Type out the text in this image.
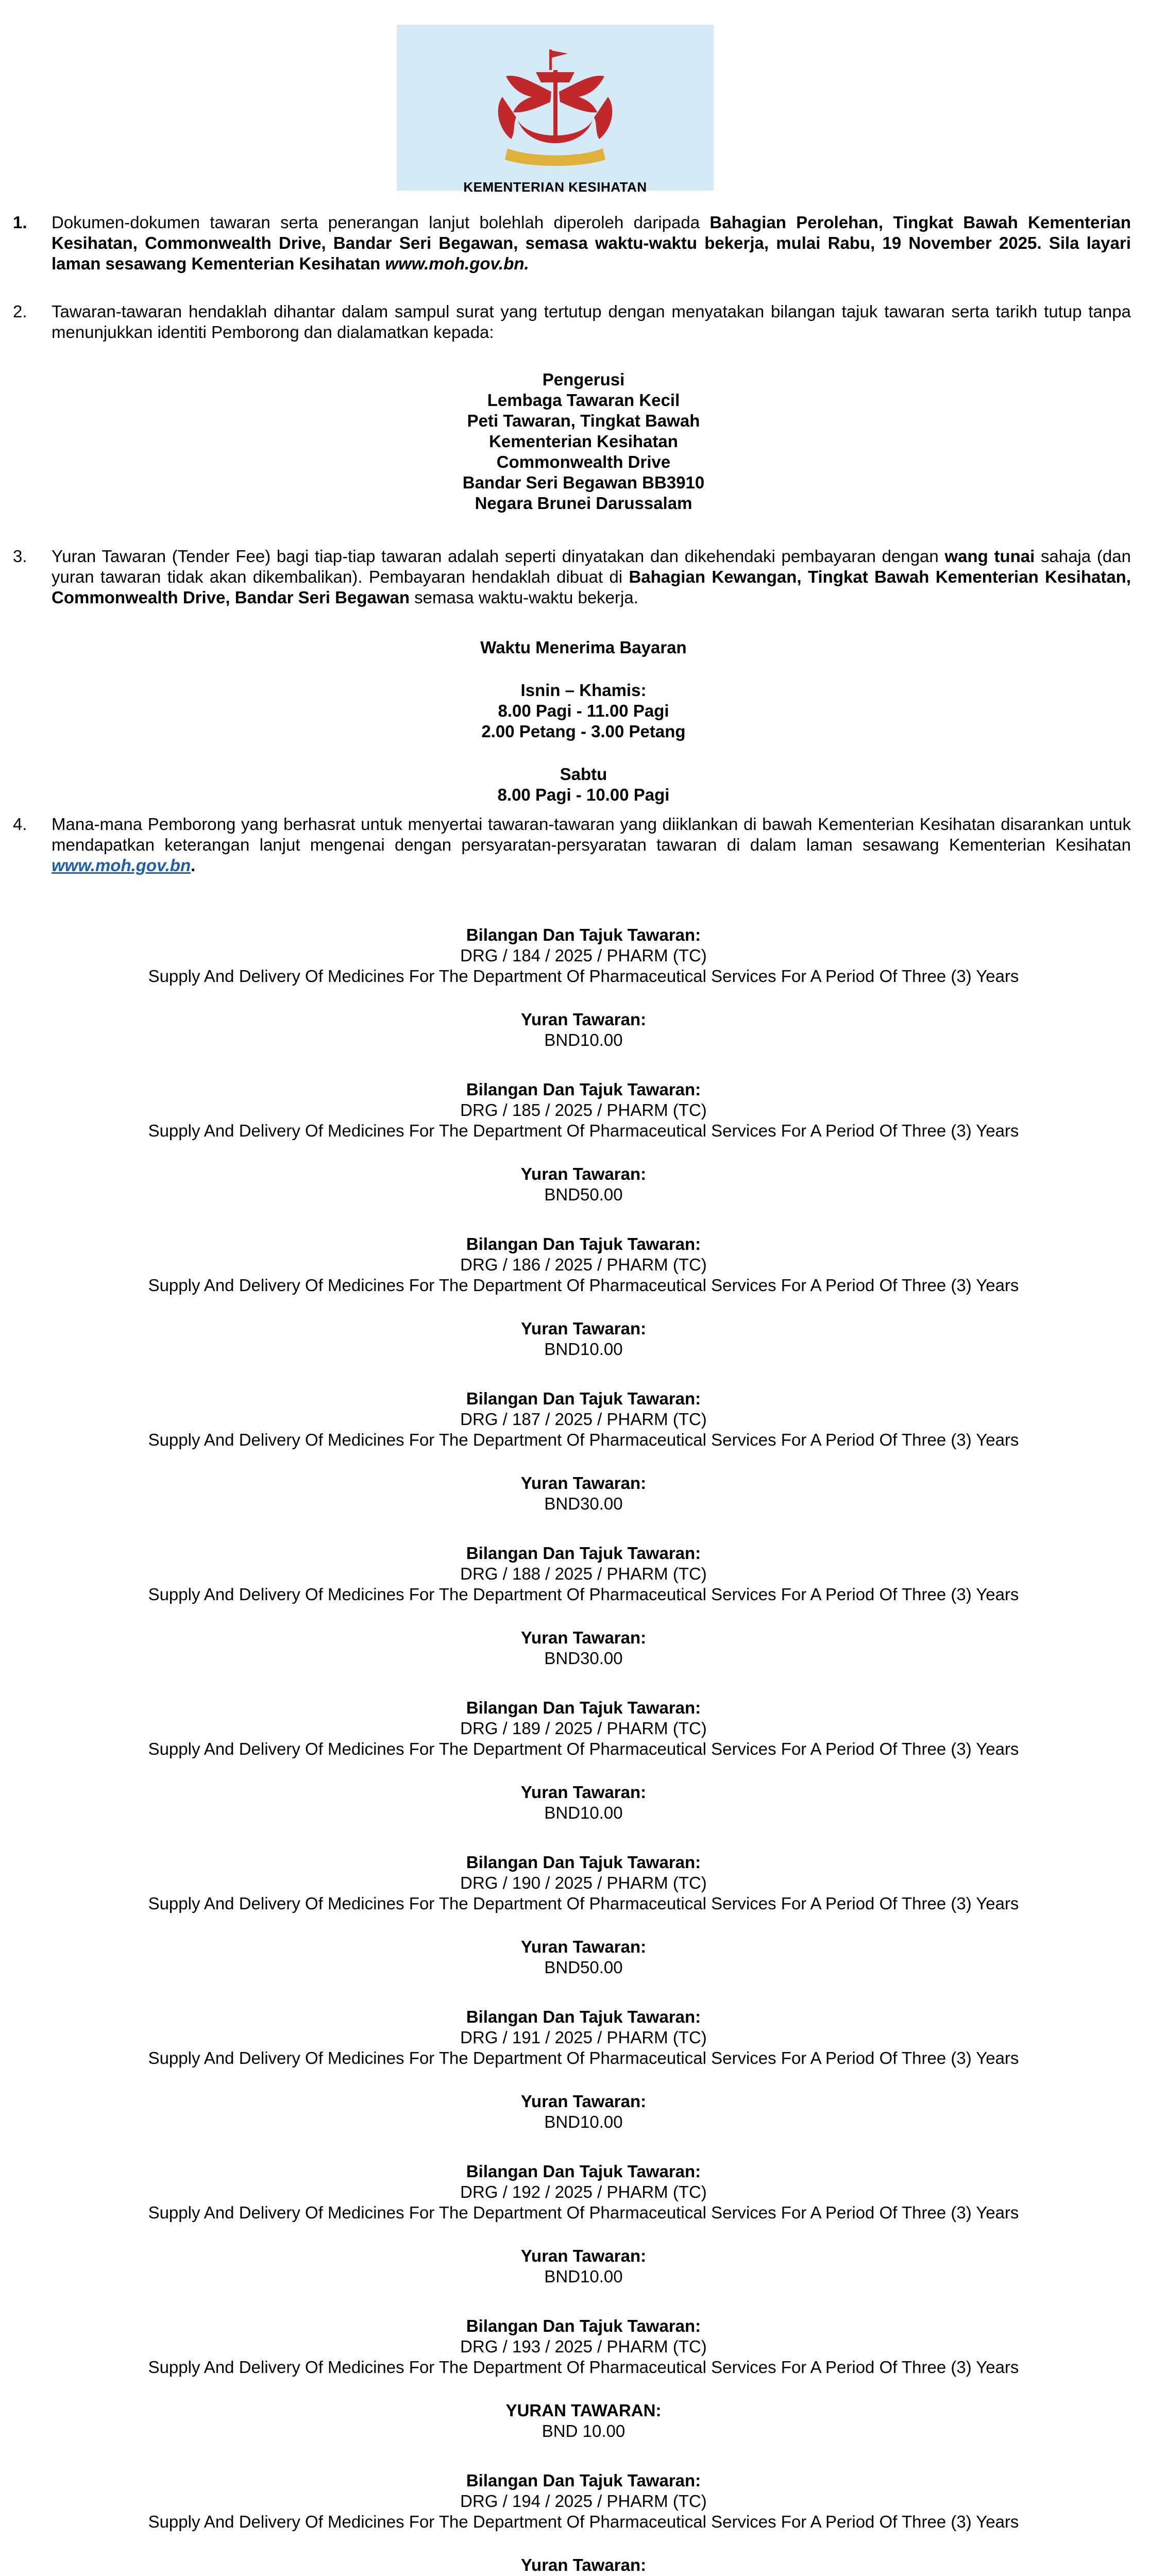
KEMENTERIAN KESIHATAN
1. Dokumen-dokumen tawaran serta penerangan lanjut bolehlah diperoleh daripada Bahagian Perolehan, Tingkat Bawah Kementerian Kesihatan, Commonwealth Drive, Bandar Seri Begawan, semasa waktu-waktu bekerja, mulai Rabu, 19 November 2025. Sila layari laman sesawang Kementerian Kesihatan www.moh.gov.bn.
2. Tawaran-tawaran hendaklah dihantar dalam sampul surat yang tertutup dengan menyatakan bilangan tajuk tawaran serta tarikh tutup tanpa menunjukkan identiti Pemborong dan dialamatkan kepada:
Pengerusi
Lembaga Tawaran Kecil
Peti Tawaran, Tingkat Bawah
Kementerian Kesihatan
Commonwealth Drive
Bandar Seri Begawan BB3910
Negara Brunei Darussalam
3. Yuran Tawaran (Tender Fee) bagi tiap-tiap tawaran adalah seperti dinyatakan dan dikehendaki pembayaran dengan wang tunai sahaja (dan yuran tawaran tidak akan dikembalikan). Pembayaran hendaklah dibuat di Bahagian Kewangan, Tingkat Bawah Kementerian Kesihatan, Commonwealth Drive, Bandar Seri Begawan semasa waktu-waktu bekerja.
Waktu Menerima Bayaran
Isnin – Khamis:
8.00 Pagi - 11.00 Pagi
2.00 Petang - 3.00 Petang
Sabtu
8.00 Pagi - 10.00 Pagi
4. Mana-mana Pemborong yang berhasrat untuk menyertai tawaran-tawaran yang diiklankan di bawah Kementerian Kesihatan disarankan untuk mendapatkan keterangan lanjut mengenai dengan persyaratan-persyaratan tawaran di dalam laman sesawang Kementerian Kesihatan www.moh.gov.bn.
Bilangan Dan Tajuk Tawaran:
DRG / 184 / 2025 / PHARM (TC)
Supply And Delivery Of Medicines For The Department Of Pharmaceutical Services For A Period Of Three (3) Years
Yuran Tawaran:
BND10.00
Bilangan Dan Tajuk Tawaran:
DRG / 185 / 2025 / PHARM (TC)
Supply And Delivery Of Medicines For The Department Of Pharmaceutical Services For A Period Of Three (3) Years
Yuran Tawaran:
BND50.00
Bilangan Dan Tajuk Tawaran:
DRG / 186 / 2025 / PHARM (TC)
Supply And Delivery Of Medicines For The Department Of Pharmaceutical Services For A Period Of Three (3) Years
Yuran Tawaran:
BND10.00
Bilangan Dan Tajuk Tawaran:
DRG / 187 / 2025 / PHARM (TC)
Supply And Delivery Of Medicines For The Department Of Pharmaceutical Services For A Period Of Three (3) Years
Yuran Tawaran:
BND30.00
Bilangan Dan Tajuk Tawaran:
DRG / 188 / 2025 / PHARM (TC)
Supply And Delivery Of Medicines For The Department Of Pharmaceutical Services For A Period Of Three (3) Years
Yuran Tawaran:
BND30.00
Bilangan Dan Tajuk Tawaran:
DRG / 189 / 2025 / PHARM (TC)
Supply And Delivery Of Medicines For The Department Of Pharmaceutical Services For A Period Of Three (3) Years
Yuran Tawaran:
BND10.00
Bilangan Dan Tajuk Tawaran:
DRG / 190 / 2025 / PHARM (TC)
Supply And Delivery Of Medicines For The Department Of Pharmaceutical Services For A Period Of Three (3) Years
Yuran Tawaran:
BND50.00
Bilangan Dan Tajuk Tawaran:
DRG / 191 / 2025 / PHARM (TC)
Supply And Delivery Of Medicines For The Department Of Pharmaceutical Services For A Period Of Three (3) Years
Yuran Tawaran:
BND10.00
Bilangan Dan Tajuk Tawaran:
DRG / 192 / 2025 / PHARM (TC)
Supply And Delivery Of Medicines For The Department Of Pharmaceutical Services For A Period Of Three (3) Years
Yuran Tawaran:
BND10.00
Bilangan Dan Tajuk Tawaran:
DRG / 193 / 2025 / PHARM (TC)
Supply And Delivery Of Medicines For The Department Of Pharmaceutical Services For A Period Of Three (3) Years
YURAN TAWARAN:
BND 10.00
Bilangan Dan Tajuk Tawaran:
DRG / 194 / 2025 / PHARM (TC)
Supply And Delivery Of Medicines For The Department Of Pharmaceutical Services For A Period Of Three (3) Years
Yuran Tawaran:
